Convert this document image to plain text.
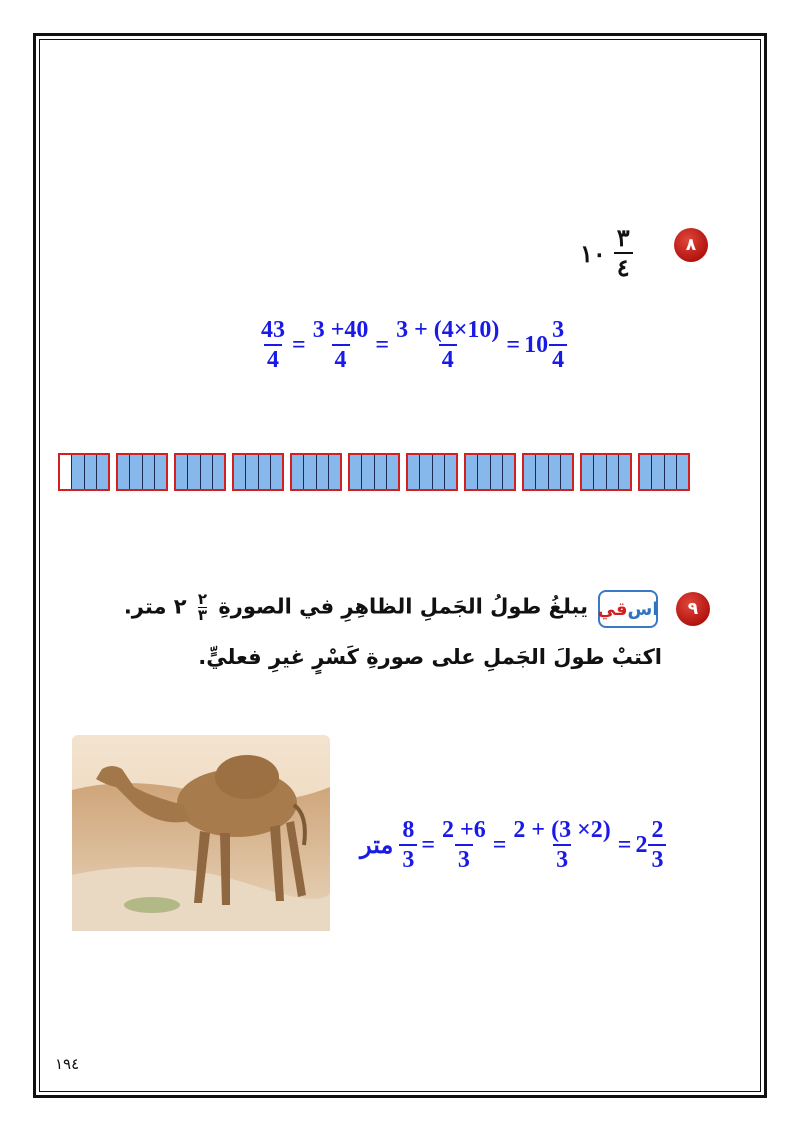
٨
١٠ $\frac{٣}{٤}$
$\frac{43}{4} = \frac{3 +40}{4} = \frac{3 + (4\times 10)}{4} = 10 \frac{3}{4}$
٩
قي اس
يبلغُ طولُ الجَملِ الظاهِرِ في الصورةِ
$\frac{٢}{٣}$
٢ متر.
اكتبْ طولَ الجَملِ على صورةِ كَسْرٍ غيرِ فعليٍّ.
متر $\frac{8}{3} = \frac{2 +6}{3} = \frac{2 + (3 \times 2)}{3} = 2 \frac{2}{3}$
١٩٤
